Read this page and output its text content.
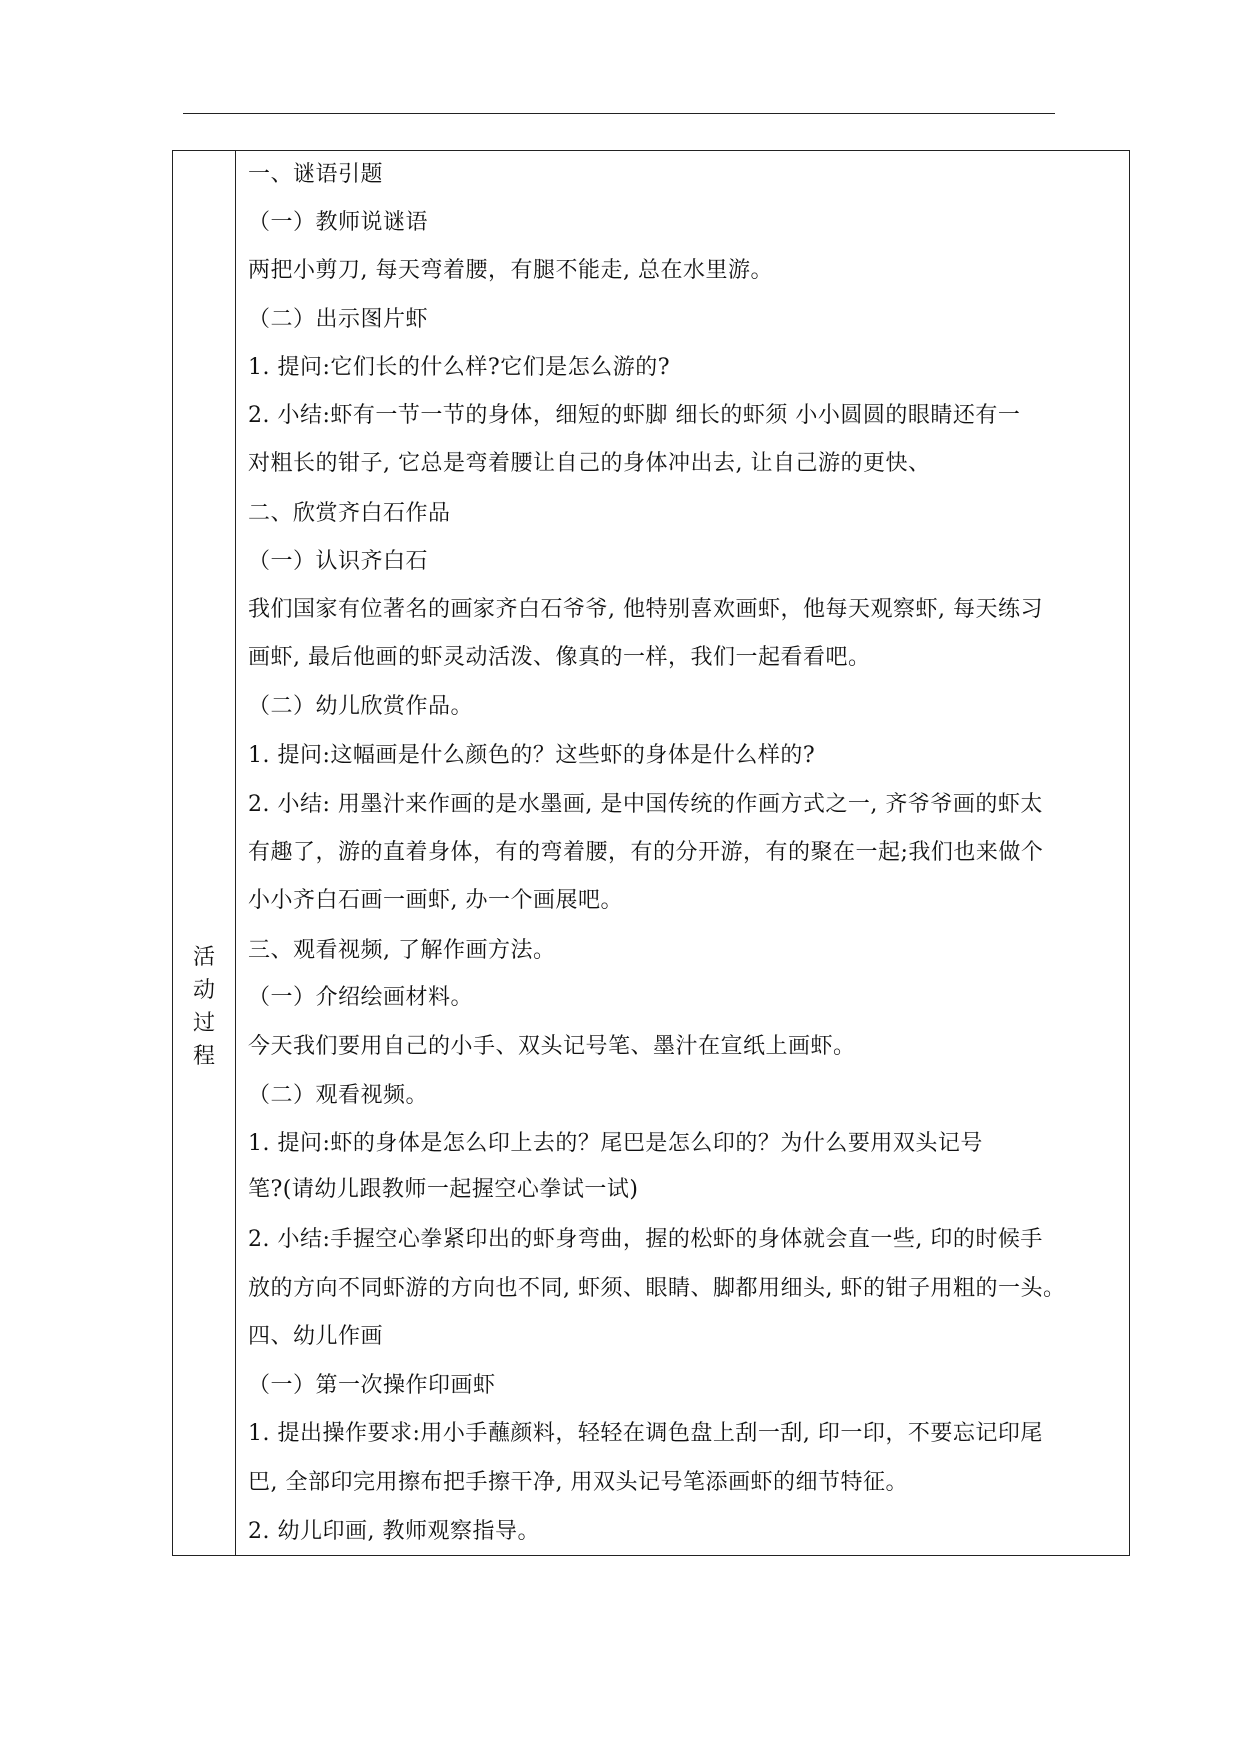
活
动
过
程
一、谜语引题
（一）教师说谜语
两把小剪刀, 每天弯着腰，有腿不能走, 总在水里游。
（二）出示图片虾
1. 提问:它们长的什么样?它们是怎么游的?
2. 小结:虾有一节一节的身体，细短的虾脚 细长的虾须 小小圆圆的眼睛还有一
对粗长的钳子, 它总是弯着腰让自己的身体冲出去, 让自己游的更快、
二、欣赏齐白石作品
（一）认识齐白石
我们国家有位著名的画家齐白石爷爷, 他特别喜欢画虾，他每天观察虾, 每天练习
画虾, 最后他画的虾灵动活泼、像真的一样，我们一起看看吧。
（二）幼儿欣赏作品。
1. 提问:这幅画是什么颜色的？这些虾的身体是什么样的?
2. 小结: 用墨汁来作画的是水墨画, 是中国传统的作画方式之一, 齐爷爷画的虾太
有趣了，游的直着身体，有的弯着腰，有的分开游，有的聚在一起;我们也来做个
小小齐白石画一画虾, 办一个画展吧。
三、观看视频, 了解作画方法。
（一）介绍绘画材料。
今天我们要用自己的小手、双头记号笔、墨汁在宣纸上画虾。
（二）观看视频。
1. 提问:虾的身体是怎么印上去的？尾巴是怎么印的？为什么要用双头记号
笔?(请幼儿跟教师一起握空心拳试一试)
2. 小结:手握空心拳紧印出的虾身弯曲，握的松虾的身体就会直一些, 印的时候手
放的方向不同虾游的方向也不同, 虾须、眼睛、脚都用细头, 虾的钳子用粗的一头。
四、幼儿作画
（一）第一次操作印画虾
1. 提出操作要求:用小手蘸颜料，轻轻在调色盘上刮一刮, 印一印，不要忘记印尾
巴, 全部印完用擦布把手擦干净, 用双头记号笔添画虾的细节特征。
2. 幼儿印画, 教师观察指导。
